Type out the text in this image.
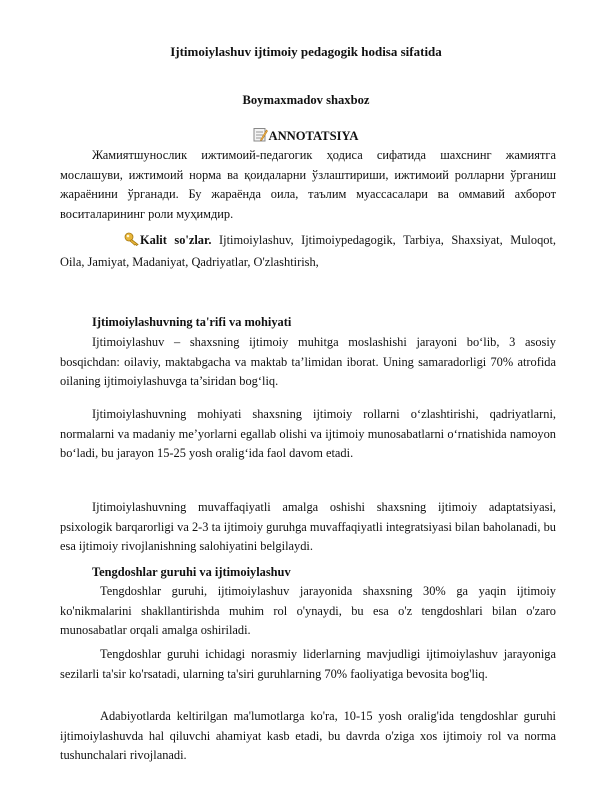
Ijtimoiylashuv ijtimoiy pedagogik hodisa sifatida
Boymaxmadov shaxboz
ANNOTATSIYA
Жамиятшунослик ижтимоий-педагогик ҳодиса сифатида шахснинг жамиятга мослашуви, ижтимоий норма ва қоидаларни ўзлаштириши, ижтимоий ролларни ўрганиш жараёнини ўрганади. Бу жараёнда оила, таълим муассасалари ва оммавий ахборот воситаларининг роли муҳимдир.
Kalit so'zlar. Ijtimoiylashuv, Ijtimoiypedagogik, Tarbiya, Shaxsiyat, Muloqot, Oila, Jamiyat, Madaniyat, Qadriyatlar, O'zlashtirish,
Ijtimoiylashuvning ta'rifi va mohiyati
Ijtimoiylashuv – shaxsning ijtimoiy muhitga moslashishi jarayoni bo‘lib, 3 asosiy bosqichdan: oilaviy, maktabgacha va maktab ta’limidan iborat. Uning samaradorligi 70% atrofida oilaning ijtimoiylashuvga ta’siridan bog‘liq.
Ijtimoiylashuvning mohiyati shaxsning ijtimoiy rollarni o‘zlashtirishi, qadriyatlarni, normalarni va madaniy me’yorlarni egallab olishi va ijtimoiy munosabatlarni o‘rnatishida namoyon bo‘ladi, bu jarayon 15-25 yosh oralig‘ida faol davom etadi.
Ijtimoiylashuvning muvaffaqiyatli amalga oshishi shaxsning ijtimoiy adaptatsiyasi, psixologik barqarorligi va 2-3 ta ijtimoiy guruhga muvaffaqiyatli integratsiyasi bilan baholanadi, bu esa ijtimoiy rivojlanishning salohiyatini belgilaydi.
Tengdoshlar guruhi va ijtimoiylashuv
Tengdoshlar guruhi, ijtimoiylashuv jarayonida shaxsning 30% ga yaqin ijtimoiy ko'nikmalarini shakllantirishda muhim rol o'ynaydi, bu esa o'z tengdoshlari bilan o'zaro munosabatlar orqali amalga oshiriladi.
Tengdoshlar guruhi ichidagi norasmiy liderlarning mavjudligi ijtimoiylashuv jarayoniga sezilarli ta'sir ko'rsatadi, ularning ta'siri guruhlarning 70% faoliyatiga bevosita bog'liq.
Adabiyotlarda keltirilgan ma'lumotlarga ko'ra, 10-15 yosh oralig'ida tengdoshlar guruhi ijtimoiylashuvda hal qiluvchi ahamiyat kasb etadi, bu davrda o'ziga xos ijtimoiy rol va norma tushunchalari rivojlanadi.
